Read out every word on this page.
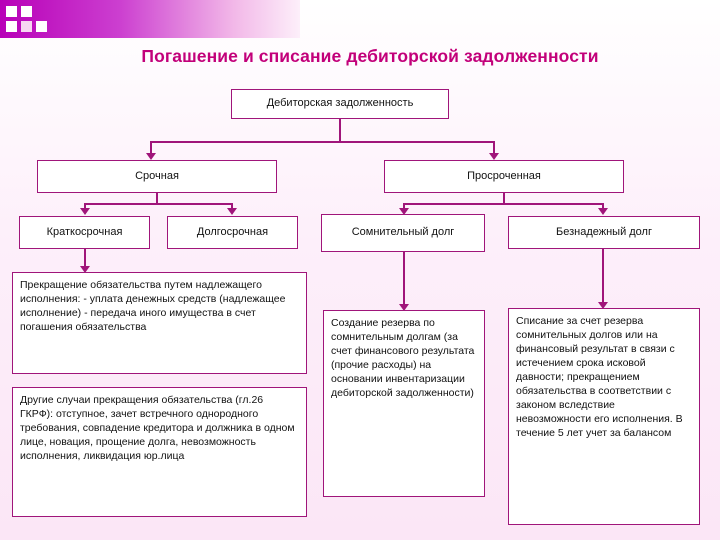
Погашение и списание дебиторской задолженности
Дебиторская задолженность
Срочная	Просроченная
Краткосрочная	Долгосрочная	Сомнительный долг	Безнадежный долг
Прекращение обязательства путем надлежащего исполнения: - уплата денежных средств (надлежащее исполнение) - передача иного имущества в счет погашения обязательства
Другие случаи прекращения обязательства (гл.26 ГКРФ): отступное, зачет встречного однородного требования, совпадение кредитора и должника в одном лице, новация, прощение долга, невозможность исполнения, ликвидация юр.лица
Создание резерва по сомнительным долгам (за счет финансового результата (прочие расходы) на основании инвентаризации дебиторской задолженности)
Списание за счет резерва сомнительных долгов или на финансовый результат в связи с истечением срока исковой давности; прекращением обязательства в соответствии с законом вследствие невозможности его исполнения. В течение 5 лет учет за балансом
